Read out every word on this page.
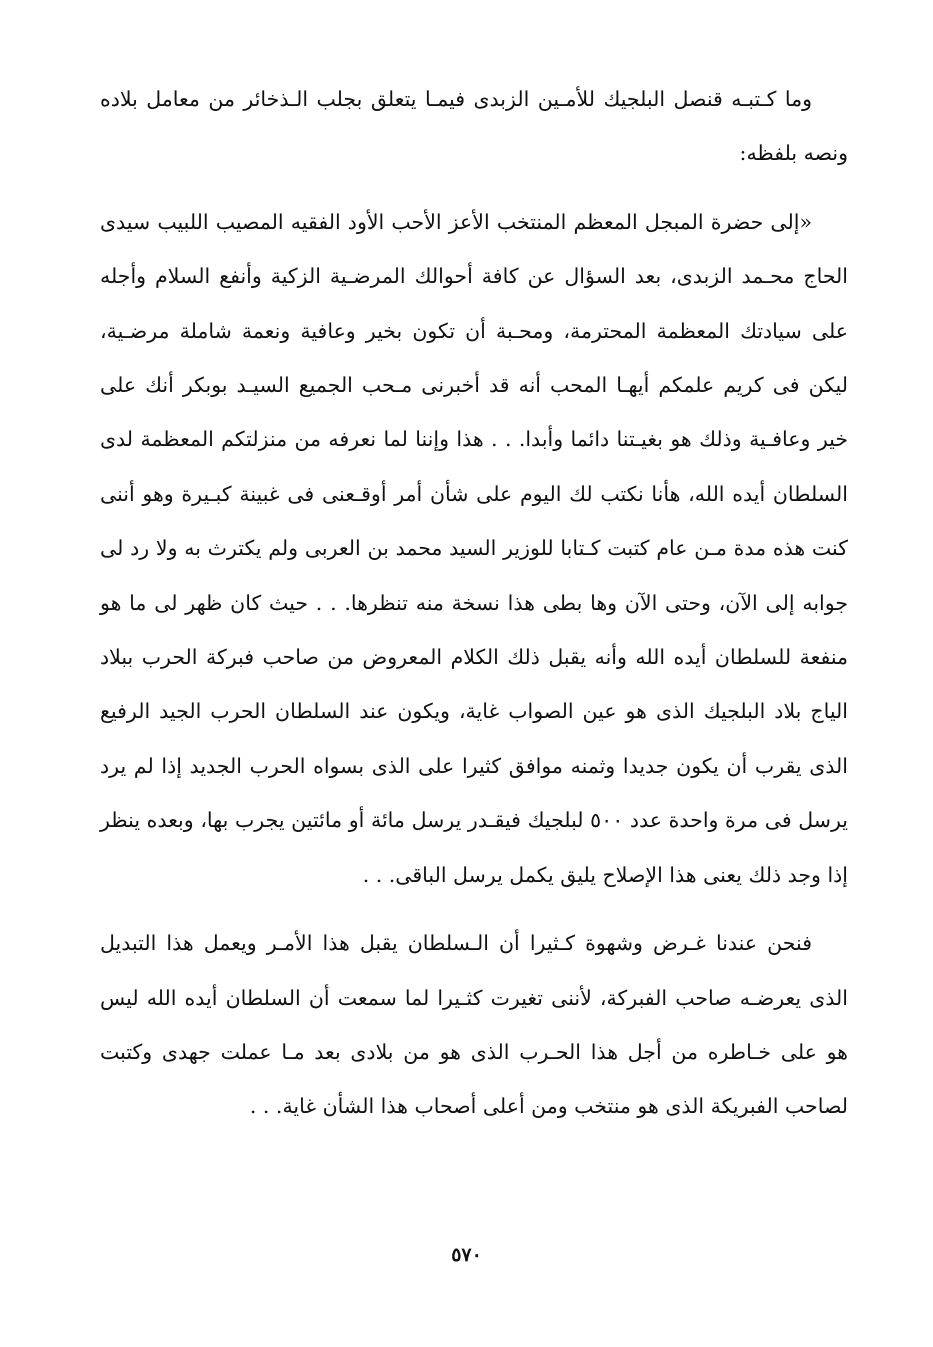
وما كـتبـه قنصل البلجيك للأمـين الزبدى فيمـا يتعلق بجلب الـذخائر من معامل بلاده ونصه بلفظه:

«إلى حضرة المبجل المعظم المنتخب الأعز الأحب الأود الفقيه المصيب اللبيب سيدى الحاج محـمد الزبدى، بعد السؤال عن كافة أحوالك المرضـية الزكية وأنفع السلام وأجله على سيادتك المعظمة المحترمة، ومحـبة أن تكون بخير وعافية ونعمة شاملة مرضـية، ليكن فى كريم علمكم أيهـا المحب أنه قد أخبرنى مـحب الجميع السيـد بوبكر أنك على خير وعافـية وذلك هو بغيـتنا دائما وأبدا. . . هذا وإننا لما نعرفه من منزلتكم المعظمة لدى السلطان أيده الله، هأنا نكتب لك اليوم على شأن أمر أوقـعنى فى غبينة كبـيرة وهو أننى كنت هذه مدة مـن عام كتبت كـتابا للوزير السيد محمد بن العربى ولم يكترث به ولا رد لى جوابه إلى الآن، وحتى الآن وها بطى هذا نسخة منه تنظرها. . . حيث كان ظهر لى ما هو منفعة للسلطان أيده الله وأنه يقبل ذلك الكلام المعروض من صاحب فبركة الحرب ببلاد الياج بلاد البلجيك الذى هو عين الصواب غاية، ويكون عند السلطان الحرب الجيد الرفيع الذى يقرب أن يكون جديدا وثمنه موافق كثيرا على الذى بسواه الحرب الجديد إذا لم يرد يرسل فى مرة واحدة عدد ٥٠٠ لبلجيك فيقـدر يرسل مائة أو مائتين يجرب بها، وبعده ينظر إذا وجد ذلك يعنى هذا الإصلاح يليق يكمل يرسل الباقى. . .

فنحن عندنا غـرض وشهوة كـثيرا أن الـسلطان يقبل هذا الأمـر ويعمل هذا التبديل الذى يعرضـه صاحب الفبركة، لأننى تغيرت كثـيرا لما سمعت أن السلطان أيده الله ليس هو على خـاطره من أجل هذا الحـرب الذى هو من بلادى بعد مـا عملت جهدى وكتبت لصاحب الفبريكة الذى هو منتخب ومن أعلى أصحاب هذا الشأن غاية. . .

٥٧٠
